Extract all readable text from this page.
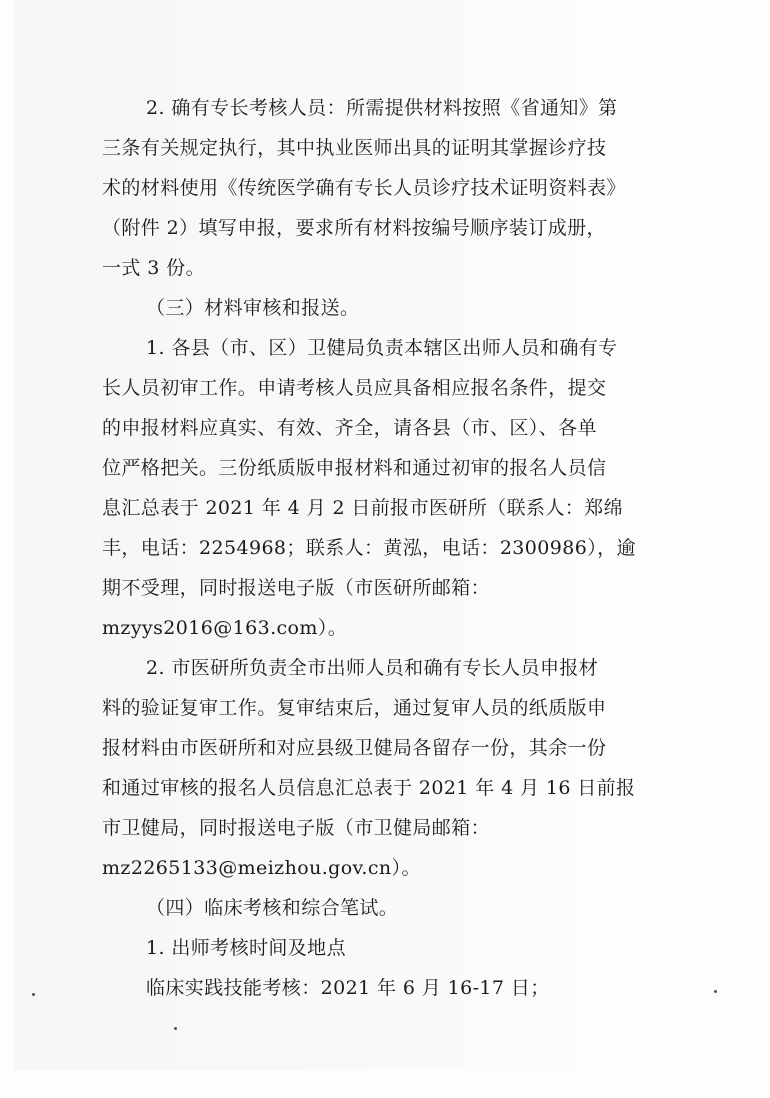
2. 确有专长考核人员：所需提供材料按照《省通知》第
三条有关规定执行，其中执业医师出具的证明其掌握诊疗技
术的材料使用《传统医学确有专长人员诊疗技术证明资料表》
（附件 2）填写申报，要求所有材料按编号顺序装订成册，
一式 3 份。
（三）材料审核和报送。
1. 各县（市、区）卫健局负责本辖区出师人员和确有专
长人员初审工作。申请考核人员应具备相应报名条件，提交
的申报材料应真实、有效、齐全，请各县（市、区）、各单
位严格把关。三份纸质版申报材料和通过初审的报名人员信
息汇总表于 2021 年 4 月 2 日前报市医研所（联系人：郑绵
丰，电话：2254968；联系人：黄泓，电话：2300986），逾
期不受理，同时报送电子版（市医研所邮箱：
mzyys2016@163.com）。
2. 市医研所负责全市出师人员和确有专长人员申报材
料的验证复审工作。复审结束后，通过复审人员的纸质版申
报材料由市医研所和对应县级卫健局各留存一份，其余一份
和通过审核的报名人员信息汇总表于 2021 年 4 月 16 日前报
市卫健局，同时报送电子版（市卫健局邮箱：
mz2265133@meizhou.gov.cn）。
（四）临床考核和综合笔试。
1. 出师考核时间及地点
临床实践技能考核：2021 年 6 月 16-17 日；
